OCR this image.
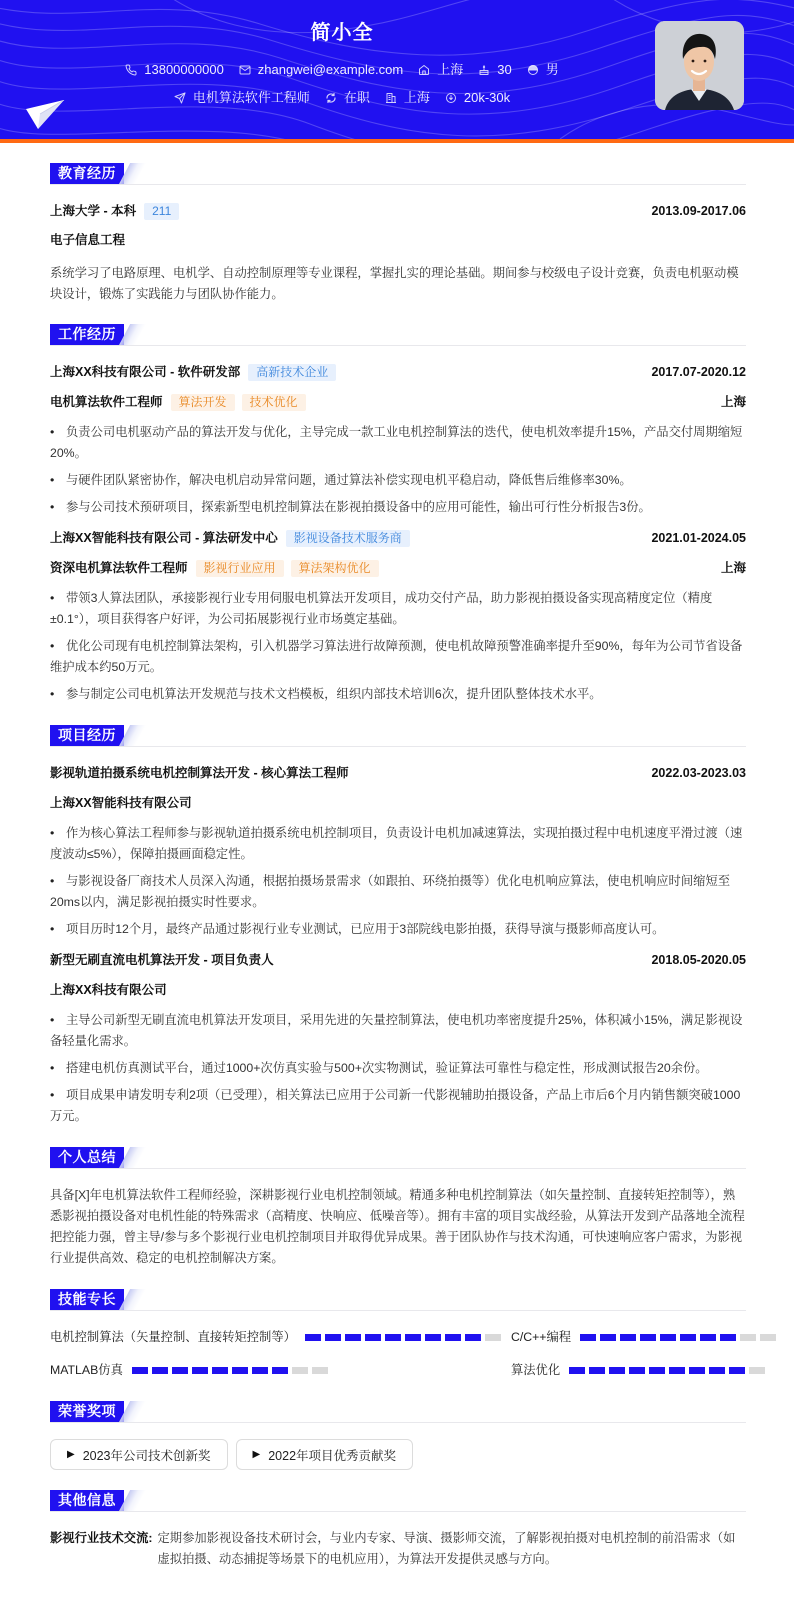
简小全
13800000000	zhangwei@example.com	上海	30	男
电机算法软件工程师	在职	上海	20k-30k
教育经历
上海大学 - 本科	211	2013.09-2017.06
电子信息工程

系统学习了电路原理、电机学、自动控制原理等专业课程，掌握扎实的理论基础。期间参与校级电子设计竞赛，负责电机驱动模块设计，锻炼了实践能力与团队协作能力。

工作经历
上海XX科技有限公司 - 软件研发部	高新技术企业	2017.07-2020.12
电机算法软件工程师	算法开发	技术优化	上海
• 负责公司电机驱动产品的算法开发与优化，主导完成一款工业电机控制算法的迭代，使电机效率提升15%，产品交付周期缩短20%。
• 与硬件团队紧密协作，解决电机启动异常问题，通过算法补偿实现电机平稳启动，降低售后维修率30%。
• 参与公司技术预研项目，探索新型电机控制算法在影视拍摄设备中的应用可能性，输出可行性分析报告3份。
上海XX智能科技有限公司 - 算法研发中心	影视设备技术服务商	2021.01-2024.05
资深电机算法软件工程师	影视行业应用	算法架构优化	上海
• 带领3人算法团队，承接影视行业专用伺服电机算法开发项目，成功交付产品，助力影视拍摄设备实现高精度定位（精度±0.1°），项目获得客户好评，为公司拓展影视行业市场奠定基础。
• 优化公司现有电机控制算法架构，引入机器学习算法进行故障预测，使电机故障预警准确率提升至90%，每年为公司节省设备维护成本约50万元。
• 参与制定公司电机算法开发规范与技术文档模板，组织内部技术培训6次，提升团队整体技术水平。
项目经历
影视轨道拍摄系统电机控制算法开发 - 核心算法工程师	2022.03-2023.03
上海XX智能科技有限公司
• 作为核心算法工程师参与影视轨道拍摄系统电机控制项目，负责设计电机加减速算法，实现拍摄过程中电机速度平滑过渡（速度波动≤5%），保障拍摄画面稳定性。
• 与影视设备厂商技术人员深入沟通，根据拍摄场景需求（如跟拍、环绕拍摄等）优化电机响应算法，使电机响应时间缩短至20ms以内，满足影视拍摄实时性要求。
• 项目历时12个月，最终产品通过影视行业专业测试，已应用于3部院线电影拍摄，获得导演与摄影师高度认可。
新型无刷直流电机算法开发 - 项目负责人	2018.05-2020.05
上海XX科技有限公司
• 主导公司新型无刷直流电机算法开发项目，采用先进的矢量控制算法，使电机功率密度提升25%，体积减小15%，满足影视设备轻量化需求。
• 搭建电机仿真测试平台，通过1000+次仿真实验与500+次实物测试，验证算法可靠性与稳定性，形成测试报告20余份。
• 项目成果申请发明专利2项（已受理），相关算法已应用于公司新一代影视辅助拍摄设备，产品上市后6个月内销售额突破1000万元。
个人总结

具备[X]年电机算法软件工程师经验，深耕影视行业电机控制领域。精通多种电机控制算法（如矢量控制、直接转矩控制等），熟悉影视拍摄设备对电机性能的特殊需求（高精度、快响应、低噪音等）。拥有丰富的项目实战经验，从算法开发到产品落地全流程把控能力强，曾主导/参与多个影视行业电机控制项目并取得优异成果。善于团队协作与技术沟通，可快速响应客户需求，为影视行业提供高效、稳定的电机控制解决方案。

技能专长
电机控制算法（矢量控制、直接转矩控制等）	C/C++编程
MATLAB仿真	算法优化
荣誉奖项
▶ 2023年公司技术创新奖	▶ 2022年项目优秀贡献奖
其他信息
影视行业技术交流: 定期参加影视设备技术研讨会，与业内专家、导演、摄影师交流，了解影视拍摄对电机控制的前沿需求（如虚拟拍摄、动态捕捉等场景下的电机应用），为算法开发提供灵感与方向。
